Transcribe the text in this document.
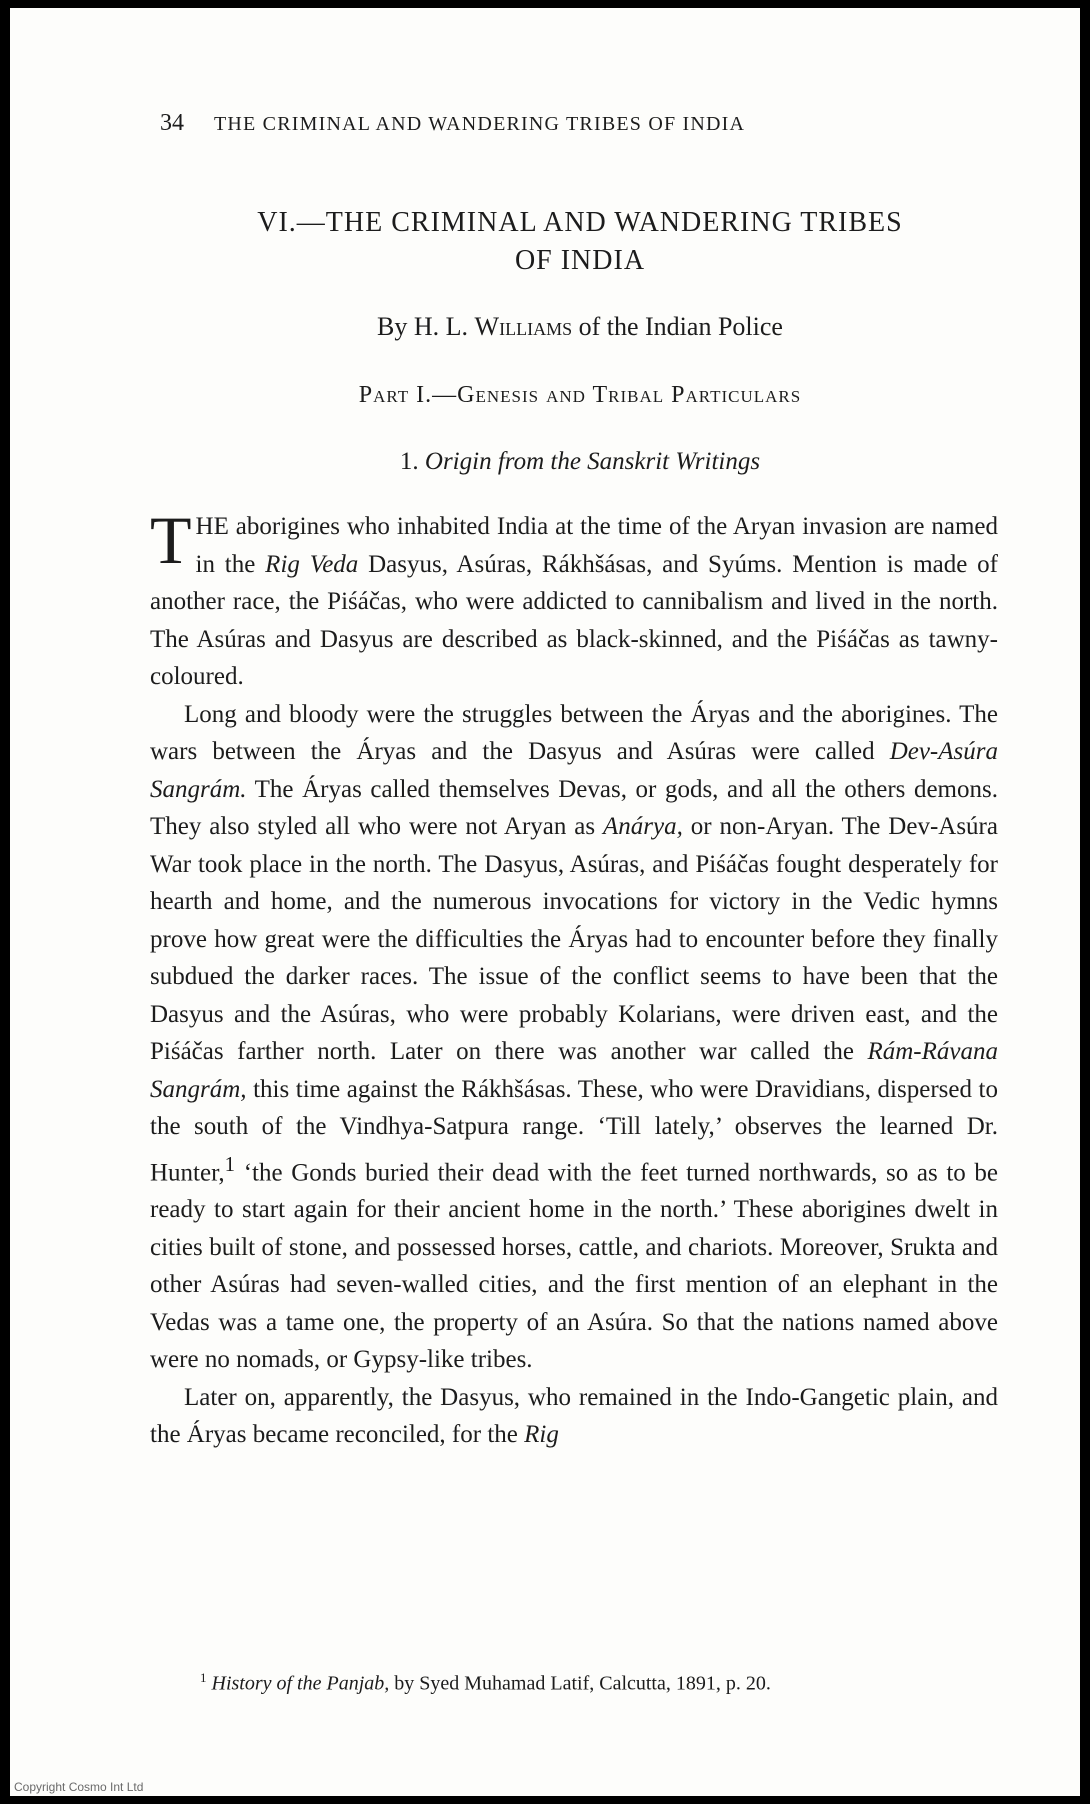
34 THE CRIMINAL AND WANDERING TRIBES OF INDIA
VI.—THE CRIMINAL AND WANDERING TRIBES
OF INDIA
By H. L. Williams of the Indian Police
Part I.—Genesis and Tribal Particulars
1. Origin from the Sanskrit Writings

THE aborigines who inhabited India at the time of the Aryan invasion are named in the Rig Veda Dasyus, Asúras, Rákhšásas, and Syúms. Mention is made of another race, the Piśáčas, who were addicted to cannibalism and lived in the north. The Asúras and Dasyus are described as black-skinned, and the Piśáčas as tawny-coloured.

Long and bloody were the struggles between the Áryas and the aborigines. The wars between the Áryas and the Dasyus and Asúras were called Dev-Asúra Sangrám. The Áryas called themselves Devas, or gods, and all the others demons. They also styled all who were not Aryan as Anárya, or non-Aryan. The Dev-Asúra War took place in the north. The Dasyus, Asúras, and Piśáčas fought desperately for hearth and home, and the numerous invocations for victory in the Vedic hymns prove how great were the difficulties the Áryas had to encounter before they finally subdued the darker races. The issue of the conflict seems to have been that the Dasyus and the Asúras, who were probably Kolarians, were driven east, and the Piśáčas farther north. Later on there was another war called the Rám-Rávana Sangrám, this time against the Rákhšásas. These, who were Dravidians, dispersed to the south of the Vindhya-Satpura range. ‘Till lately,’ observes the learned Dr. Hunter,$^1$ ‘the Gonds buried their dead with the feet turned northwards, so as to be ready to start again for their ancient home in the north.’ These aborigines dwelt in cities built of stone, and possessed horses, cattle, and chariots. Moreover, Srukta and other Asúras had seven-walled cities, and the first mention of an elephant in the Vedas was a tame one, the property of an Asúra. So that the nations named above were no nomads, or Gypsy-like tribes.

Later on, apparently, the Dasyus, who remained in the Indo-Gangetic plain, and the Áryas became reconciled, for the Rig

$^1$ History of the Panjab, by Syed Muhamad Latif, Calcutta, 1891, p. 20.
Copyright Cosmo Int Ltd
